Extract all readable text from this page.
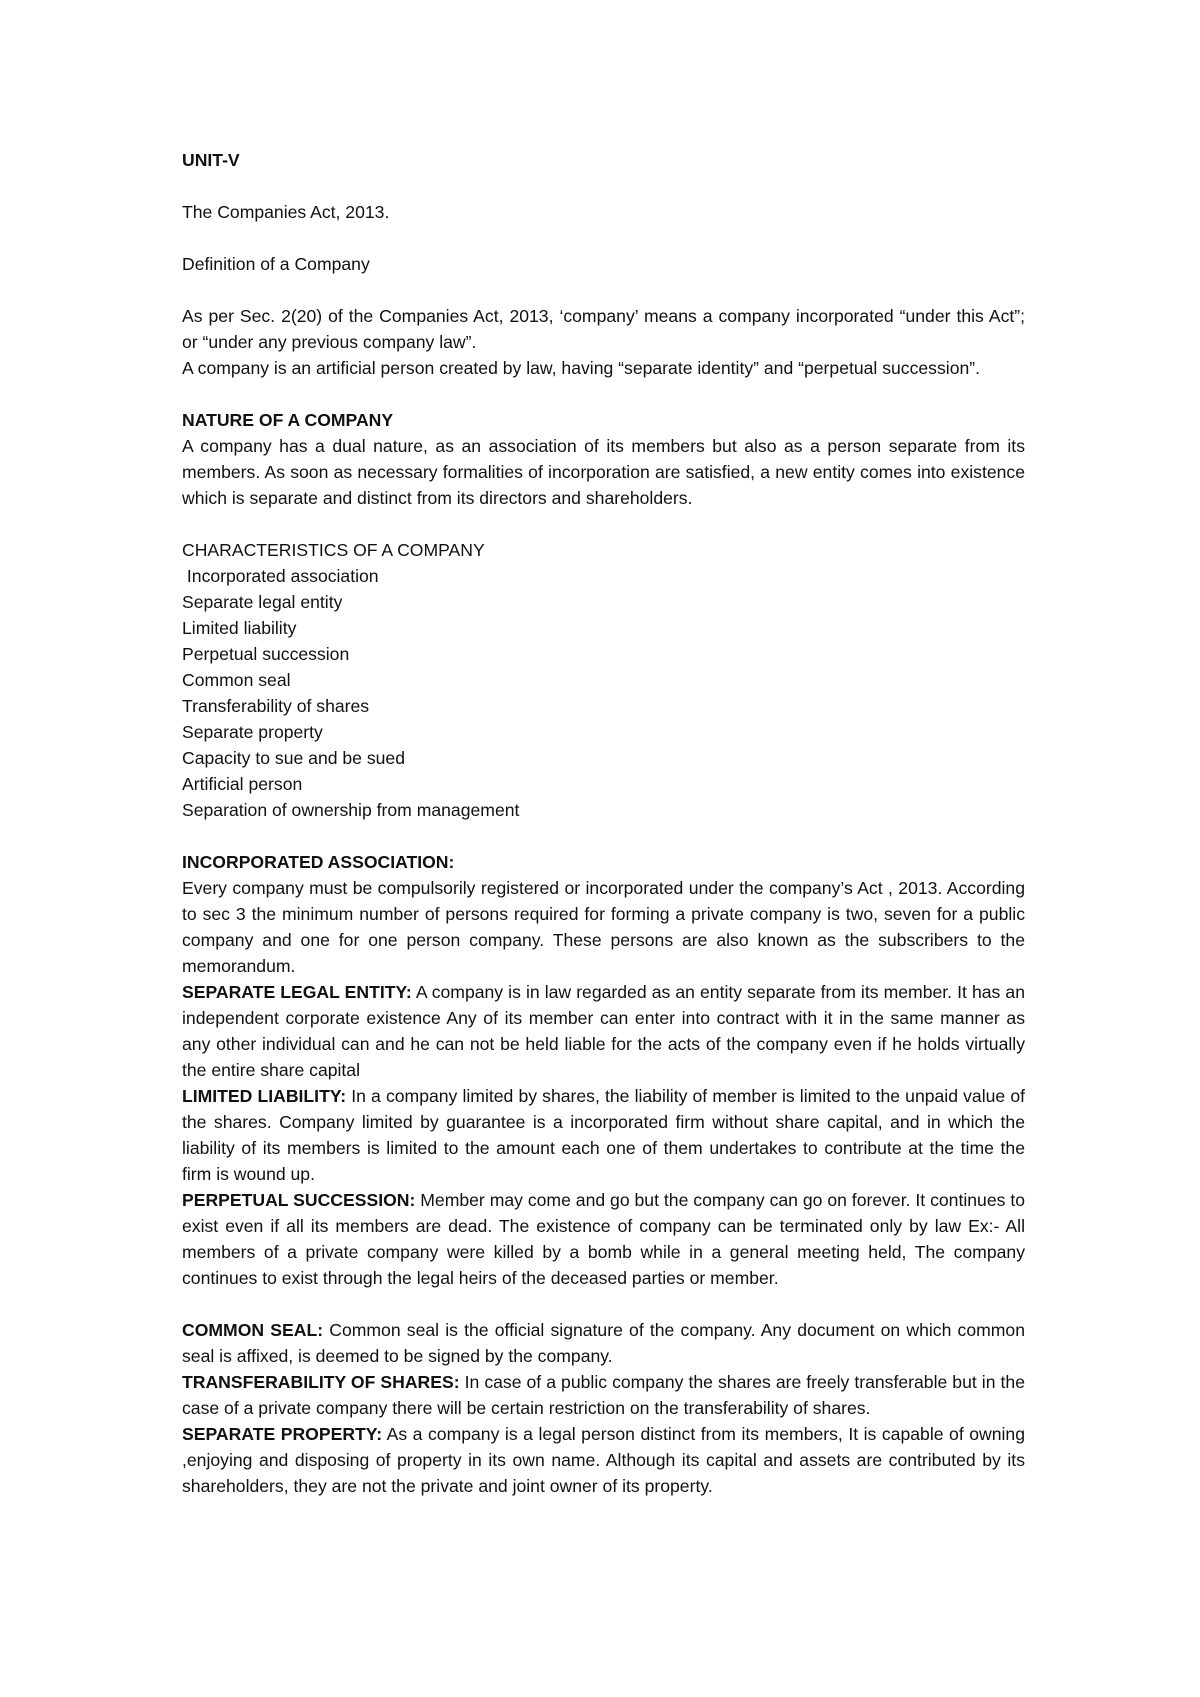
UNIT-V

The Companies Act, 2013.

Definition of a Company

As per Sec. 2(20) of the Companies Act, 2013, ‘company’ means a company incorporated “under this Act”; or “under any previous company law”.

A company is an artificial person created by law, having “separate identity” and “perpetual succession”.

NATURE OF A COMPANY

A company has a dual nature, as an association of its members but also as a person separate from its members. As soon as necessary formalities of incorporation are satisfied, a new entity comes into existence which is separate and distinct from its directors and shareholders.

CHARACTERISTICS OF A COMPANY

Incorporated association
Separate legal entity
Limited liability
Perpetual succession
Common seal
Transferability of shares
Separate property
Capacity to sue and be sued
Artificial person
Separation of ownership from management

INCORPORATED ASSOCIATION:

Every company must be compulsorily registered or incorporated under the company’s Act , 2013. According to sec 3 the minimum number of persons required for forming a private company is two, seven for a public company and one for one person company. These persons are also known as the subscribers to the memorandum.

SEPARATE LEGAL ENTITY: A company is in law regarded as an entity separate from its member. It has an independent corporate existence Any of its member can enter into contract with it in the same manner as any other individual can and he can not be held liable for the acts of the company even if he holds virtually the entire share capital

LIMITED LIABILITY: In a company limited by shares, the liability of member is limited to the unpaid value of the shares. Company limited by guarantee is a incorporated firm without share capital, and in which the liability of its members is limited to the amount each one of them undertakes to contribute at the time the firm is wound up.

PERPETUAL SUCCESSION: Member may come and go but the company can go on forever. It continues to exist even if all its members are dead. The existence of company can be terminated only by law Ex:- All members of a private company were killed by a bomb while in a general meeting held, The company continues to exist through the legal heirs of the deceased parties or member.

COMMON SEAL: Common seal is the official signature of the company. Any document on which common seal is affixed, is deemed to be signed by the company.

TRANSFERABILITY OF SHARES: In case of a public company the shares are freely transferable but in the case of a private company there will be certain restriction on the transferability of shares.

SEPARATE PROPERTY: As a company is a legal person distinct from its members, It is capable of owning ,enjoying and disposing of property in its own name. Although its capital and assets are contributed by its shareholders, they are not the private and joint owner of its property.
